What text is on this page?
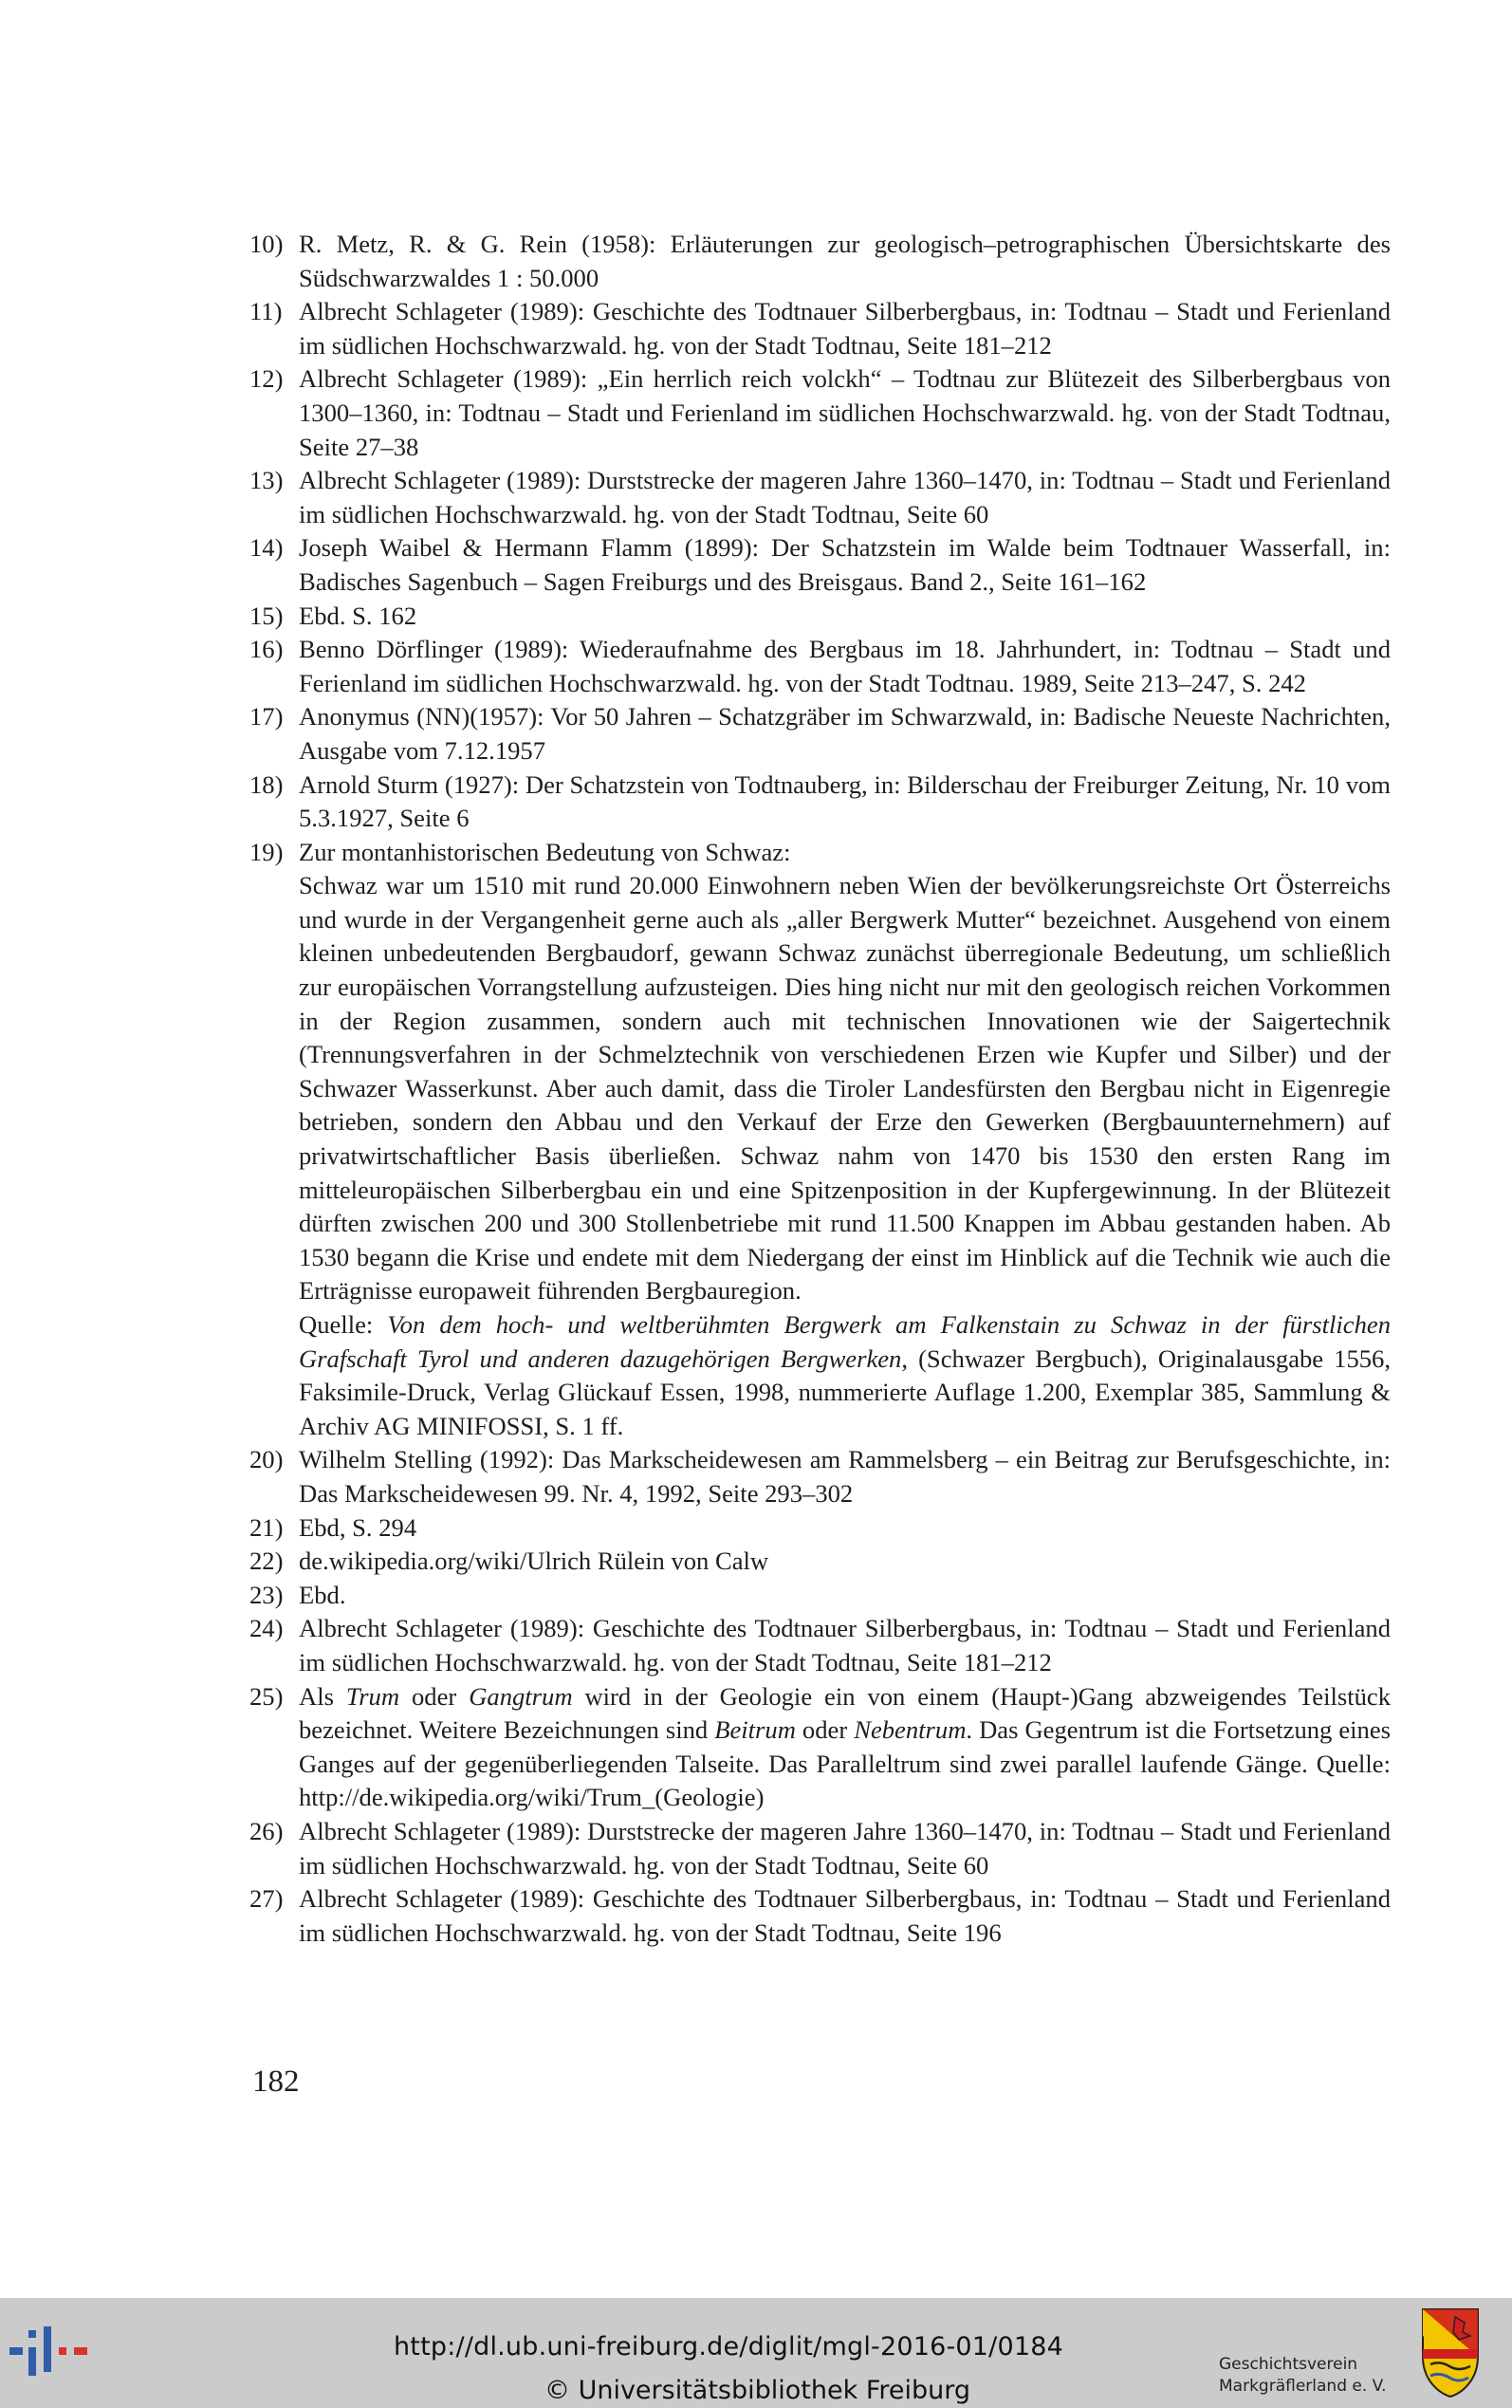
10) R. Metz, R. & G. Rein (1958): Erläuterungen zur geologisch–petrographischen Übersichtskarte des Südschwarzwaldes 1 : 50.000
11) Albrecht Schlageter (1989): Geschichte des Todtnauer Silberbergbaus, in: Todtnau – Stadt und Ferienland im südlichen Hochschwarzwald. hg. von der Stadt Todtnau, Seite 181–212
12) Albrecht Schlageter (1989): „Ein herrlich reich volckh“ – Todtnau zur Blütezeit des Silberbergbaus von 1300–1360, in: Todtnau – Stadt und Ferienland im südlichen Hochschwarzwald. hg. von der Stadt Todtnau, Seite 27–38
13) Albrecht Schlageter (1989): Durststrecke der mageren Jahre 1360–1470, in: Todtnau – Stadt und Ferienland im südlichen Hochschwarzwald. hg. von der Stadt Todtnau, Seite 60
14) Joseph Waibel & Hermann Flamm (1899): Der Schatzstein im Walde beim Todtnauer Wasserfall, in: Badisches Sagenbuch – Sagen Freiburgs und des Breisgaus. Band 2., Seite 161–162
15) Ebd. S. 162
16) Benno Dörflinger (1989): Wiederaufnahme des Bergbaus im 18. Jahrhundert, in: Todtnau – Stadt und Ferienland im südlichen Hochschwarzwald. hg. von der Stadt Todtnau. 1989, Seite 213–247, S. 242
17) Anonymus (NN)(1957): Vor 50 Jahren – Schatzgräber im Schwarzwald, in: Badische Neueste Nachrichten, Ausgabe vom 7.12.1957
18) Arnold Sturm (1927): Der Schatzstein von Todtnauberg, in: Bilderschau der Freiburger Zeitung, Nr. 10 vom 5.3.1927, Seite 6
19) Zur montanhistorischen Bedeutung von Schwaz:
Schwaz war um 1510 mit rund 20.000 Einwohnern neben Wien der bevölkerungsreichste Ort Österreichs und wurde in der Vergangenheit gerne auch als „aller Bergwerk Mutter“ bezeichnet. Ausgehend von einem kleinen unbedeutenden Bergbaudorf, gewann Schwaz zunächst überregionale Bedeutung, um schließlich zur europäischen Vorrangstellung aufzusteigen. Dies hing nicht nur mit den geologisch reichen Vorkommen in der Region zusammen, sondern auch mit technischen Innovationen wie der Saigertechnik (Trennungsverfahren in der Schmelztechnik von verschiedenen Erzen wie Kupfer und Silber) und der Schwazer Wasserkunst. Aber auch damit, dass die Tiroler Landesfürsten den Bergbau nicht in Eigenregie betrieben, sondern den Abbau und den Verkauf der Erze den Gewerken (Bergbauunternehmern) auf privatwirtschaftlicher Basis überließen. Schwaz nahm von 1470 bis 1530 den ersten Rang im mitteleuropäischen Silberbergbau ein und eine Spitzenposition in der Kupfergewinnung. In der Blütezeit dürften zwischen 200 und 300 Stollenbetriebe mit rund 11.500 Knappen im Abbau gestanden haben. Ab 1530 begann die Krise und endete mit dem Niedergang der einst im Hinblick auf die Technik wie auch die Erträgnisse europaweit führenden Bergbauregion.
Quelle: Von dem hoch- und weltberühmten Bergwerk am Falkenstain zu Schwaz in der fürstlichen Grafschaft Tyrol und anderen dazugehörigen Bergwerken, (Schwazer Bergbuch), Originalausgabe 1556, Faksimile-Druck, Verlag Glückauf Essen, 1998, nummerierte Auflage 1.200, Exemplar 385, Sammlung & Archiv AG MINIFOSSI, S. 1 ff.
20) Wilhelm Stelling (1992): Das Markscheidewesen am Rammelsberg – ein Beitrag zur Berufsgeschichte, in: Das Markscheidewesen 99. Nr. 4, 1992, Seite 293–302
21) Ebd, S. 294
22) de.wikipedia.org/wiki/Ulrich Rülein von Calw
23) Ebd.
24) Albrecht Schlageter (1989): Geschichte des Todtnauer Silberbergbaus, in: Todtnau – Stadt und Ferienland im südlichen Hochschwarzwald. hg. von der Stadt Todtnau, Seite 181–212
25) Als Trum oder Gangtrum wird in der Geologie ein von einem (Haupt-)Gang abzweigendes Teilstück bezeichnet. Weitere Bezeichnungen sind Beitrum oder Nebentrum. Das Gegentrum ist die Fortsetzung eines Ganges auf der gegenüberliegenden Talseite. Das Paralleltrum sind zwei parallel laufende Gänge. Quelle: http://de.wikipedia.org/wiki/Trum_(Geologie)
26) Albrecht Schlageter (1989): Durststrecke der mageren Jahre 1360–1470, in: Todtnau – Stadt und Ferienland im südlichen Hochschwarzwald. hg. von der Stadt Todtnau, Seite 60
27) Albrecht Schlageter (1989): Geschichte des Todtnauer Silberbergbaus, in: Todtnau – Stadt und Ferienland im südlichen Hochschwarzwald. hg. von der Stadt Todtnau, Seite 196
182
http://dl.ub.uni-freiburg.de/diglit/mgl-2016-01/0184
© Universitätsbibliothek Freiburg
Geschichtsverein
Markgräflerland e. V.
